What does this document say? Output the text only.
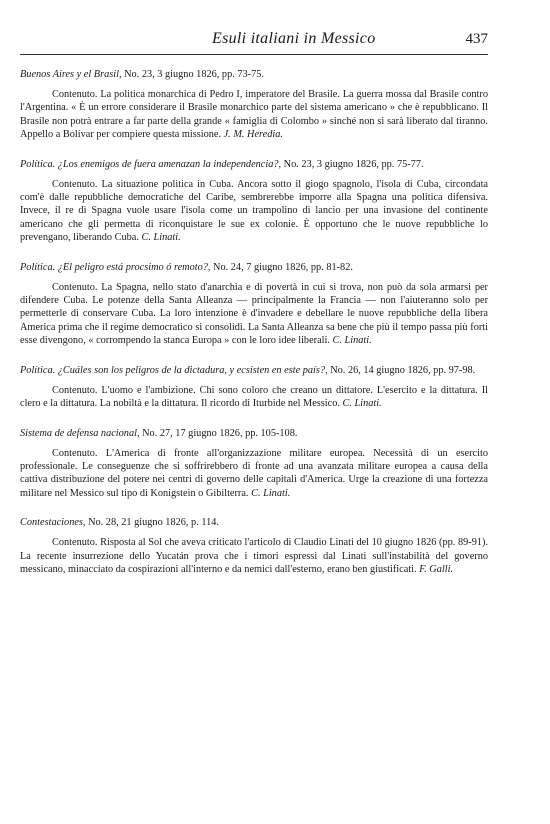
Esuli italiani in Messico	437

Buenos Aires y el Brasil, No. 23, 3 giugno 1826, pp. 73-75.

Contenuto. La politica monarchica di Pedro I, imperatore del Brasile. La guerra mossa dal Brasile contro l'Argentina. « È un errore considerare il Brasile monarchico parte del sistema americano » che è repubblicano. Il Brasile non potrà entrare a far parte della grande « famiglia di Colombo » sinché non si sarà liberato dal tiranno. Appello a Bolívar per compiere questa missione. J. M. Heredia.

Política. ¿Los enemigos de fuera amenazan la independencia?, No. 23, 3 giugno 1826, pp. 75-77.

Contenuto. La situazione politica in Cuba. Ancora sotto il giogo spagnolo, l'isola di Cuba, circondata com'è dalle repubbliche democratiche del Caribe, sembrerebbe imporre alla Spagna una politica difensiva. Invece, il re di Spagna vuole usare l'isola come un trampolino di lancio per una invasione del continente americano che gli permetta di riconquistare le sue ex colonie. È opportuno che le nuove repubbliche lo prevengano, liberando Cuba. C. Linati.

Política. ¿El peligro está procsimo ó remoto?, No. 24, 7 giugno 1826, pp. 81-82.

Contenuto. La Spagna, nello stato d'anarchia e di povertà in cui si trova, non può da sola armarsi per difendere Cuba. Le potenze della Santa Alleanza — principalmente la Francia — non l'aiuteranno solo per permetterle di conservare Cuba. La loro intenzione è d'invadere e debellare le nuove repubbliche della libera America prima che il regime democratico si consolidi. La Santa Alleanza sa bene che più il tempo passa più forti esse divengono, « corrompendo la stanca Europa » con le loro idee liberali. C. Linati.

Política. ¿Cuáles son los peligros de la dictadura, y ecsisten en este país?, No. 26, 14 giugno 1826, pp. 97-98.

Contenuto. L'uomo e l'ambizione. Chi sono coloro che creano un dittatore. L'esercito e la dittatura. Il clero e la dittatura. La nobiltà e la dittatura. Il ricordo di Iturbide nel Messico. C. Linati.

Sistema de defensa nacional, No. 27, 17 giugno 1826, pp. 105-108.

Contenuto. L'America di fronte all'organizzazione militare europea. Necessità di un esercito professionale. Le conseguenze che si soffrirebbero di fronte ad una avanzata militare europea a causa della cattiva distribuzione del potere nei centri di governo delle capitali d'America. Urge la creazione di una fortezza militare nel Messico sul tipo di Konigstein o Gibilterra. C. Linati.

Contestaciones, No. 28, 21 giugno 1826, p. 114.

Contenuto. Risposta al Sol che aveva criticato l'articolo di Claudio Linati del 10 giugno 1826 (pp. 89-91). La recente insurrezione dello Yucatán prova che i timori espressi dal Linati sull'instabilità del governo messicano, minacciato da cospirazioni all'interno e da nemici dall'esterno, erano ben giustificati. F. Galli.
